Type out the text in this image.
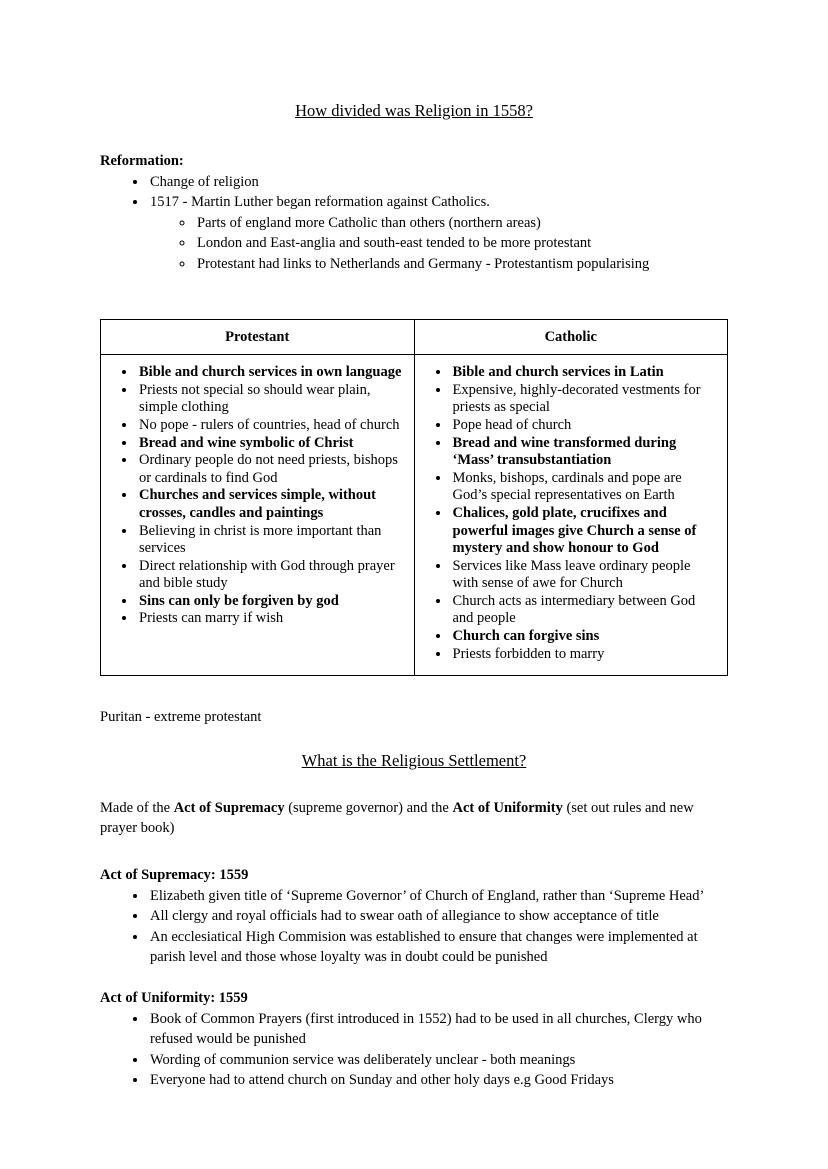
How divided was Religion in 1558?

Reformation:

• Change of religion
• 1517 - Martin Luther began reformation against Catholics.
◦ Parts of england more Catholic than others (northern areas)
◦ London and East-anglia and south-east tended to be more protestant
◦ Protestant had links to Netherlands and Germany - Protestantism popularising
Protestant	Catholic

• Bible and church services in own language
• Priests not special so should wear plain, simple clothing
• No pope - rulers of countries, head of church
• Bread and wine symbolic of Christ
• Ordinary people do not need priests, bishops or cardinals to find God
• Churches and services simple, without crosses, candles and paintings
• Believing in christ is more important than services
• Direct relationship with God through prayer and bible study
• Sins can only be forgiven by god
• Priests can marry if wish

• Bible and church services in Latin
• Expensive, highly-decorated vestments for priests as special
• Pope head of church
• Bread and wine transformed during ‘Mass’ transubstantiation
• Monks, bishops, cardinals and pope are God’s special representatives on Earth
• Chalices, gold plate, crucifixes and powerful images give Church a sense of mystery and show honour to God
• Services like Mass leave ordinary people with sense of awe for Church
• Church acts as intermediary between God and people
• Church can forgive sins
• Priests forbidden to marry

Puritan - extreme protestant

What is the Religious Settlement?

Made of the Act of Supremacy (supreme governor) and the Act of Uniformity (set out rules and new prayer book)

Act of Supremacy: 1559

• Elizabeth given title of ‘Supreme Governor’ of Church of England, rather than ‘Supreme Head’
• All clergy and royal officials had to swear oath of allegiance to show acceptance of title
• An ecclesiatical High Commision was established to ensure that changes were implemented at parish level and those whose loyalty was in doubt could be punished

Act of Uniformity: 1559

• Book of Common Prayers (first introduced in 1552) had to be used in all churches, Clergy who refused would be punished
• Wording of communion service was deliberately unclear - both meanings
• Everyone had to attend church on Sunday and other holy days e.g Good Fridays
